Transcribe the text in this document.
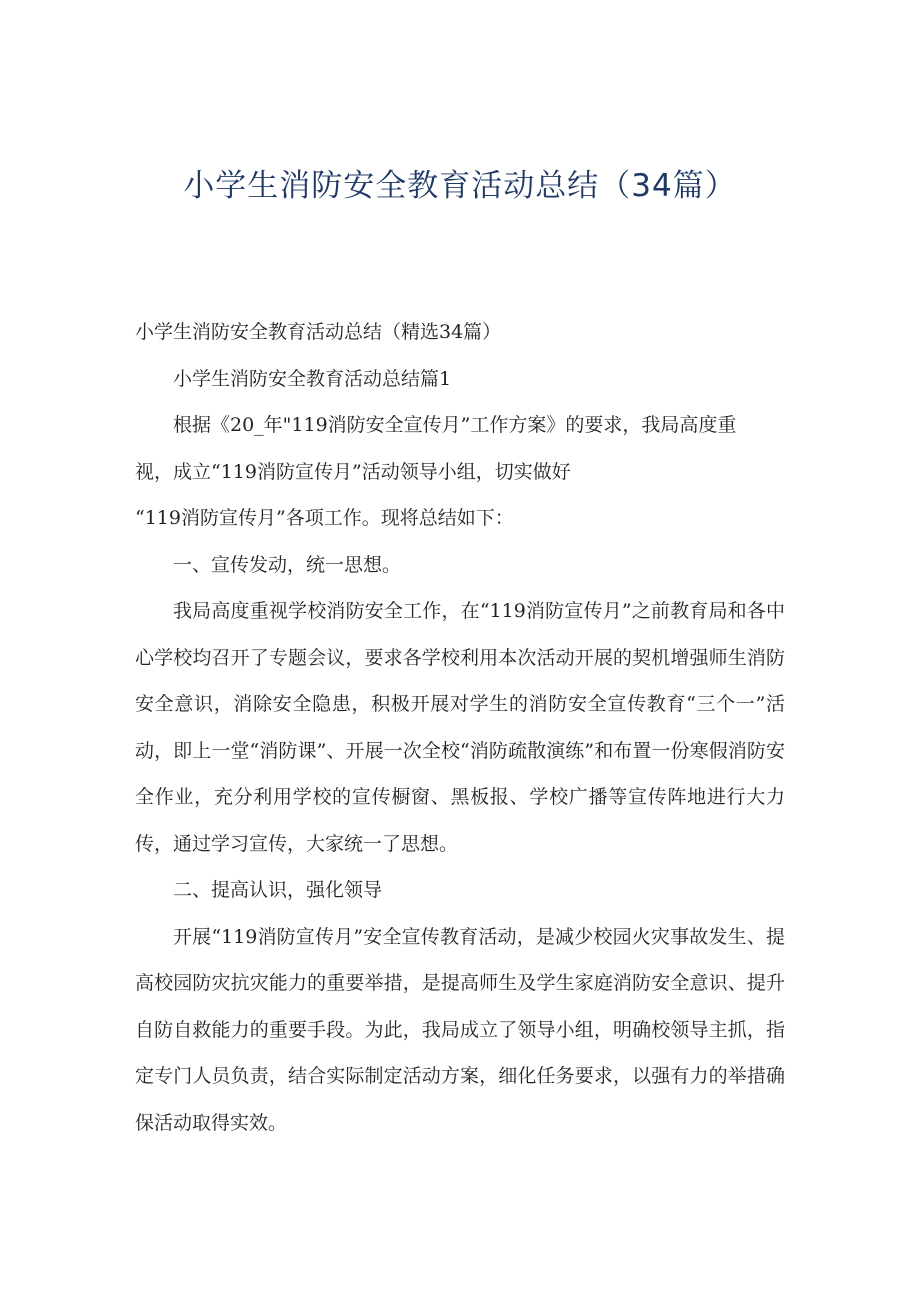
小学生消防安全教育活动总结（34篇）

小学生消防安全教育活动总结（精选34篇）

小学生消防安全教育活动总结篇1

根据《20_年"119消防安全宣传月”工作方案》的要求，我局高度重
视，成立“119消防宣传月”活动领导小组，切实做好
“119消防宣传月”各项工作。现将总结如下：

一、宣传发动，统一思想。

我局高度重视学校消防安全工作，在“119消防宣传月”之前教育局和各中心学校均召开了专题会议，要求各学校利用本次活动开展的契机增强师生消防安全意识，消除安全隐患，积极开展对学生的消防安全宣传教育“三个一”活动，即上一堂“消防课”、开展一次全校“消防疏散演练”和布置一份寒假消防安全作业，充分利用学校的宣传橱窗、黑板报、学校广播等宣传阵地进行大力传，通过学习宣传，大家统一了思想。

二、提高认识，强化领导

开展“119消防宣传月”安全宣传教育活动，是减少校园火灾事故发生、提高校园防灾抗灾能力的重要举措，是提高师生及学生家庭消防安全意识、提升自防自救能力的重要手段。为此，我局成立了领导小组，明确校领导主抓，指定专门人员负责，结合实际制定活动方案，细化任务要求，以强有力的举措确保活动取得实效。
